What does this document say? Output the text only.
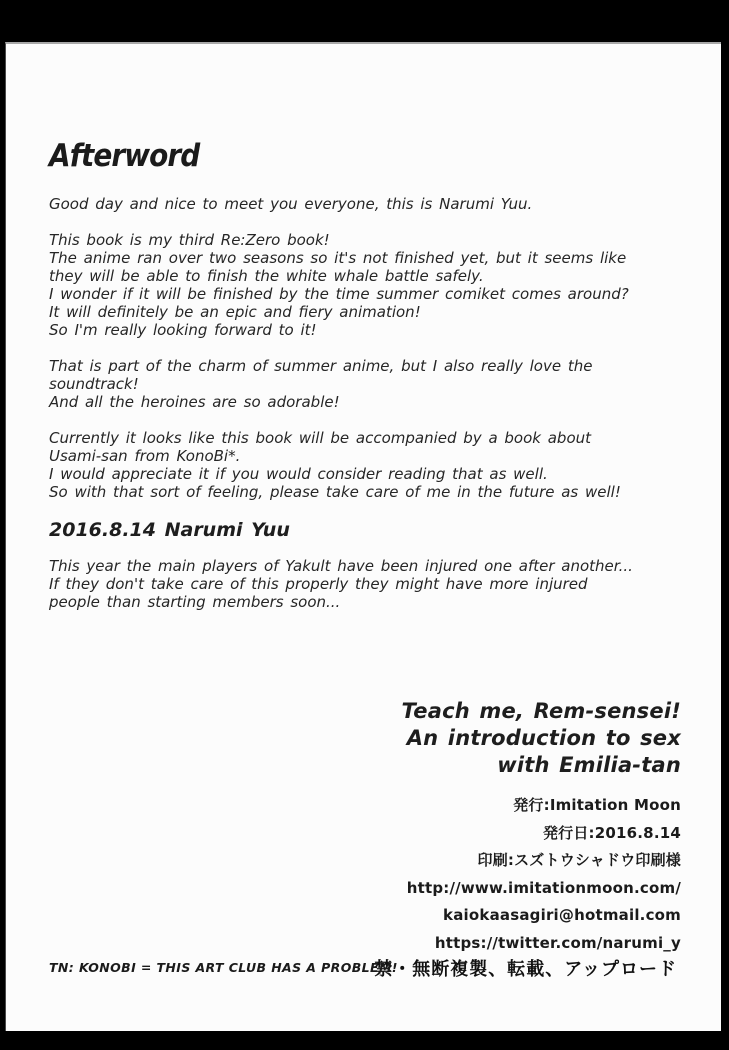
Afterword
Good day and nice to meet you everyone, this is Narumi Yuu.
This book is my third Re:Zero book!
The anime ran over two seasons so it's not finished yet, but it seems like
they will be able to finish the white whale battle safely.
I wonder if it will be finished by the time summer comiket comes around?
It will definitely be an epic and fiery animation!
So I'm really looking forward to it!
That is part of the charm of summer anime, but I also really love the
soundtrack!
And all the heroines are so adorable!
Currently it looks like this book will be accompanied by a book about
Usami-san from KonoBi*.
I would appreciate it if you would consider reading that as well.
So with that sort of feeling, please take care of me in the future as well!
2016.8.14 Narumi Yuu
This year the main players of Yakult have been injured one after another...
If they don't take care of this properly they might have more injured
people than starting members soon...
Teach me, Rem-sensei!
An introduction to sex
with Emilia-tan
発行:Imitation Moon
発行日:2016.8.14
印刷:スズトウシャドウ印刷様
http://www.imitationmoon.com/
kaiokaasagiri@hotmail.com
https://twitter.com/narumi_y
禁・無断複製、転載、アップロード
TN: KONOBI = THIS ART CLUB HAS A PROBLEM!
